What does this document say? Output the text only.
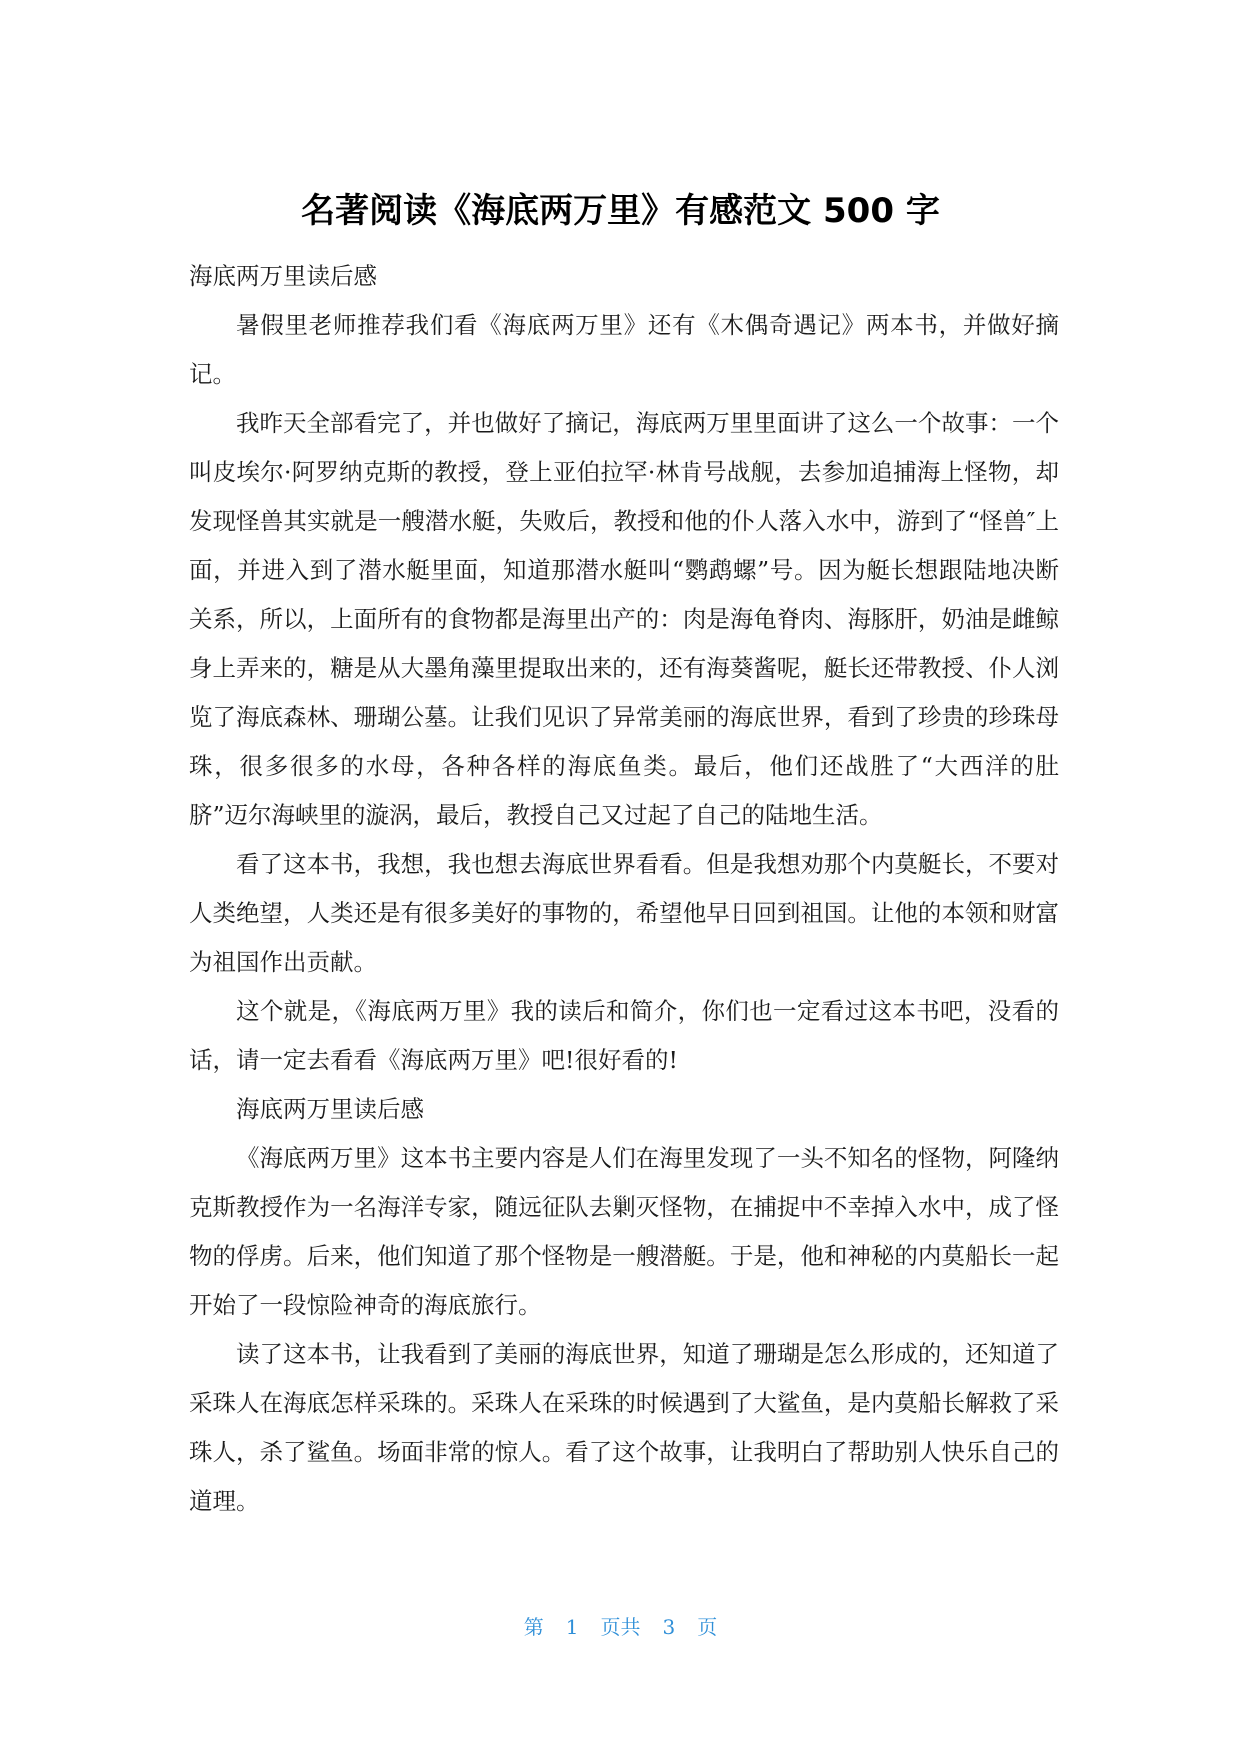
名著阅读《海底两万里》有感范文 500 字

海底两万里读后感

暑假里老师推荐我们看《海底两万里》还有《木偶奇遇记》两本书，并做好摘记。

我昨天全部看完了，并也做好了摘记，海底两万里里面讲了这么一个故事：一个叫皮埃尔·阿罗纳克斯的教授，登上亚伯拉罕·林肯号战舰，去参加追捕海上怪物，却发现怪兽其实就是一艘潜水艇，失败后，教授和他的仆人落入水中，游到了“怪兽″上面，并进入到了潜水艇里面，知道那潜水艇叫“鹦鹉螺”号。因为艇长想跟陆地决断关系，所以，上面所有的食物都是海里出产的：肉是海龟脊肉、海豚肝，奶油是雌鲸身上弄来的，糖是从大墨角藻里提取出来的，还有海葵酱呢，艇长还带教授、仆人浏览了海底森林、珊瑚公墓。让我们见识了异常美丽的海底世界，看到了珍贵的珍珠母珠，很多很多的水母，各种各样的海底鱼类。最后，他们还战胜了“大西洋的肚脐”迈尔海峡里的漩涡，最后，教授自己又过起了自己的陆地生活。

看了这本书，我想，我也想去海底世界看看。但是我想劝那个内莫艇长，不要对人类绝望，人类还是有很多美好的事物的，希望他早日回到祖国。让他的本领和财富为祖国作出贡献。

这个就是，《海底两万里》我的读后和简介，你们也一定看过这本书吧，没看的话，请一定去看看《海底两万里》吧!很好看的!

海底两万里读后感

《海底两万里》这本书主要内容是人们在海里发现了一头不知名的怪物，阿隆纳克斯教授作为一名海洋专家，随远征队去剿灭怪物，在捕捉中不幸掉入水中，成了怪物的俘虏。后来，他们知道了那个怪物是一艘潜艇。于是，他和神秘的内莫船长一起开始了一段惊险神奇的海底旅行。

读了这本书，让我看到了美丽的海底世界，知道了珊瑚是怎么形成的，还知道了采珠人在海底怎样采珠的。采珠人在采珠的时候遇到了大鲨鱼，是内莫船长解救了采珠人，杀了鲨鱼。场面非常的惊人。看了这个故事，让我明白了帮助别人快乐自己的道理。

第 1 页共 3 页
